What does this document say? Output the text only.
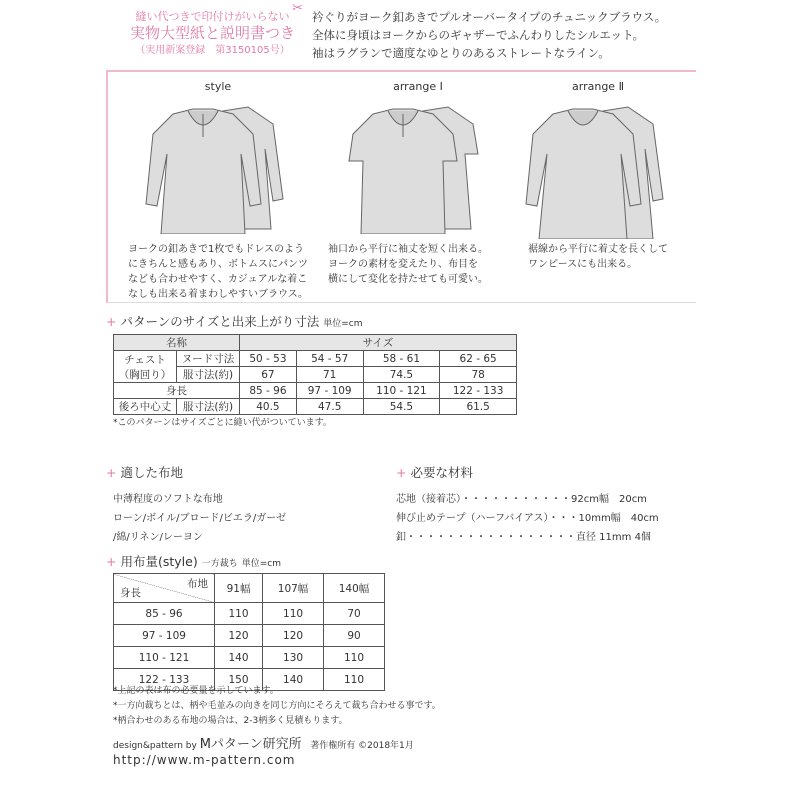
縫い代つきで印付けがいらない
実物大型紙と説明書つき
（実用新案登録　第3150105号）
✂
衿ぐりがヨーク釦あきでプルオーバータイプのチュニックブラウス。
全体に身頃はヨークからのギャザーでふんわりしたシルエット。
袖はラグランで適度なゆとりのあるストレートなライン。
style
ヨークの釦あきで1枚でもドレスのよう
にきちんと感もあり、ボトムスにパンツ
なども合わせやすく、カジュアルな着こ
なしも出来る着まわしやすいブラウス。
arrange Ⅰ
袖口から平行に袖丈を短く出来る。
ヨークの素材を変えたり、布目を
横にして変化を持たせても可愛い。
arrange Ⅱ
裾線から平行に着丈を長くして
ワンピースにも出来る。
+ パターンのサイズと出来上がり寸法 単位=cm
名称		サイズ			
チェスト（胸回り）	ヌード寸法	50 - 53	54 - 57	58 - 61	62 - 65
	服寸法(約)	67	71	74.5	78
身長		85 - 96	97 - 109	110 - 121	122 - 133
後ろ中心丈	服寸法(約)	40.5	47.5	54.5	61.5
*このパターンはサイズごとに縫い代がついています。
+ 適した布地
中薄程度のソフトな布地
ローン/ボイル/ブロード/ビエラ/ガーゼ
/綿/リネン/レーヨン
+ 必要な材料
芯地（接着芯）・・・・・・・・・・・92cm幅　20cm
伸び止めテープ（ハーフバイアス）・・・10mm幅　40cm
釦・・・・・・・・・・・・・・・・・直径 11mm 4個
+ 用布量(style) 一方裁ち 単位=cm
布地
身長	91幅	107幅	140幅
85 - 96	110	110	70
97 - 109	120	120	90
110 - 121	140	130	110
122 - 133	150	140	110
*上記の表は布の必要量を示しています。
*一方向裁ちとは、柄や毛並みの向きを同じ方向にそろえて裁ち合わせる事です。
*柄合わせのある布地の場合は、2-3柄多く見積もります。
design&pattern by Mパターン研究所 著作権所有 ©2018年1月
http://www.m-pattern.com
